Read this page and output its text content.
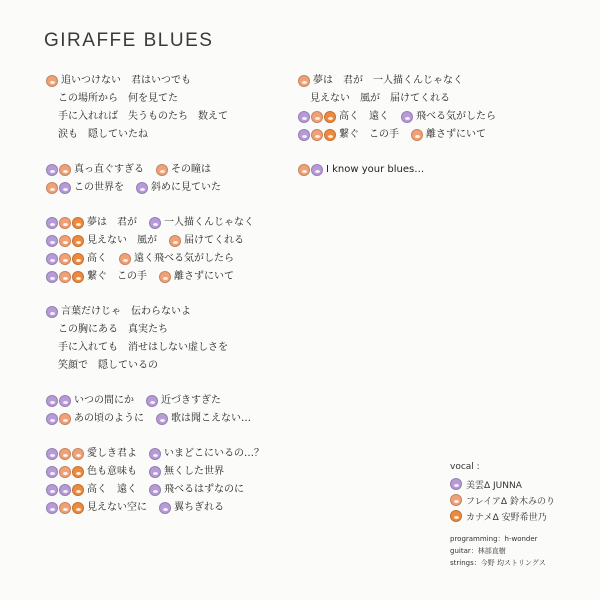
GIRAFFE BLUES
追いつけない　君はいつでも
この場所から　何を見てた
手に入れれば　失うものたち　数えて
涙も　隠していたね
真っ直ぐすぎる	その瞳は
この世界を	斜めに見ていた
夢は　君が	一人描くんじゃなく
見えない　風が	届けてくれる
高く	遠く飛べる気がしたら
繋ぐ　この手	離さずにいて
言葉だけじゃ　伝わらないよ
この胸にある　真実たち
手に入れても　消せはしない虚しさを
笑顔で　隠しているの
いつの間にか	近づきすぎた
あの頃のように	歌は聞こえない…
愛しき君よ	いまどこにいるの…？
色も意味も	無くした世界
高く　遠く	飛べるはずなのに
見えない空に	翼ちぎれる
夢は　君が　一人描くんじゃなく
見えない　風が　届けてくれる
高く　遠く	飛べる気がしたら
繋ぐ　この手	離さずにいて
I know your blues…
vocal :
美雲Δ JUNNA
フレイアΔ 鈴木みのり
カナメΔ 安野希世乃
programming：h-wonder
guitar：林部直樹
strings：今野 均ストリングス
